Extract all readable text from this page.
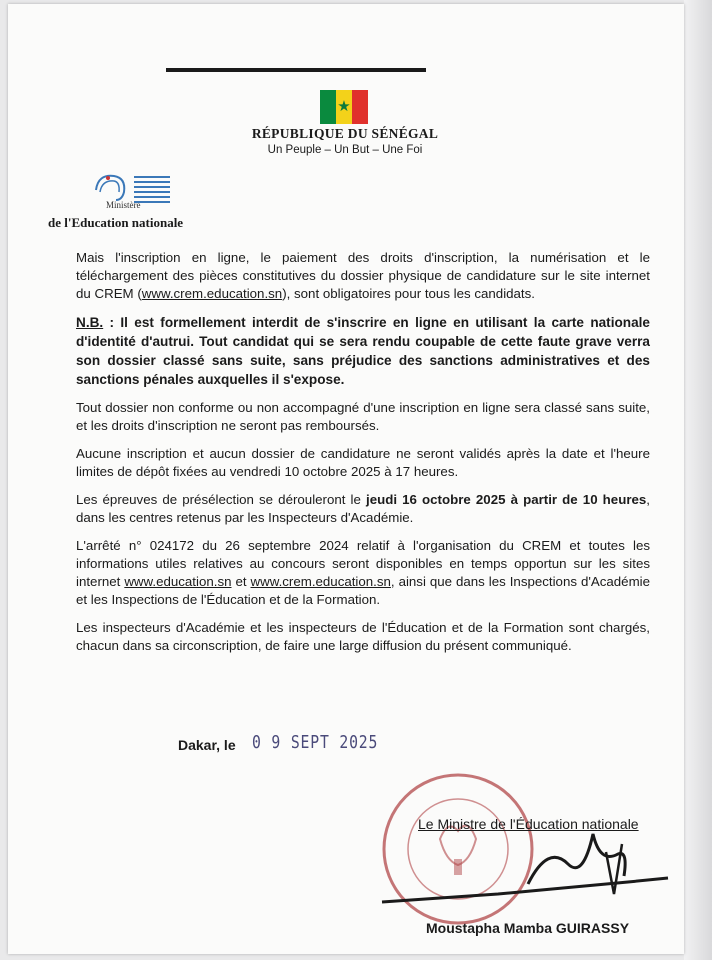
★
RÉPUBLIQUE DU SÉNÉGAL
Un Peuple – Un But – Une Foi
Ministère
de l'Education nationale

Mais l'inscription en ligne, le paiement des droits d'inscription, la numérisation et le téléchargement des pièces constitutives du dossier physique de candidature sur le site internet du CREM (www.crem.education.sn), sont obligatoires pour tous les candidats.

N.B. : Il est formellement interdit de s'inscrire en ligne en utilisant la carte nationale d'identité d'autrui. Tout candidat qui se sera rendu coupable de cette faute grave verra son dossier classé sans suite, sans préjudice des sanctions administratives et des sanctions pénales auxquelles il s'expose.

Tout dossier non conforme ou non accompagné d'une inscription en ligne sera classé sans suite, et les droits d'inscription ne seront pas remboursés.

Aucune inscription et aucun dossier de candidature ne seront validés après la date et l'heure limites de dépôt fixées au vendredi 10 octobre 2025 à 17 heures.

Les épreuves de présélection se dérouleront le jeudi 16 octobre 2025 à partir de 10 heures, dans les centres retenus par les Inspecteurs d'Académie.

L'arrêté n° 024172 du 26 septembre 2024 relatif à l'organisation du CREM et toutes les informations utiles relatives au concours seront disponibles en temps opportun sur les sites internet www.education.sn et www.crem.education.sn, ainsi que dans les Inspections d'Académie et les Inspections de l'Éducation et de la Formation.

Les inspecteurs d'Académie et les inspecteurs de l'Éducation et de la Formation sont chargés, chacun dans sa circonscription, de faire une large diffusion du présent communiqué.

Dakar, le 0 9 SEPT 2025
Le Ministre de l'Éducation nationale
Moustapha Mamba GUIRASSY
